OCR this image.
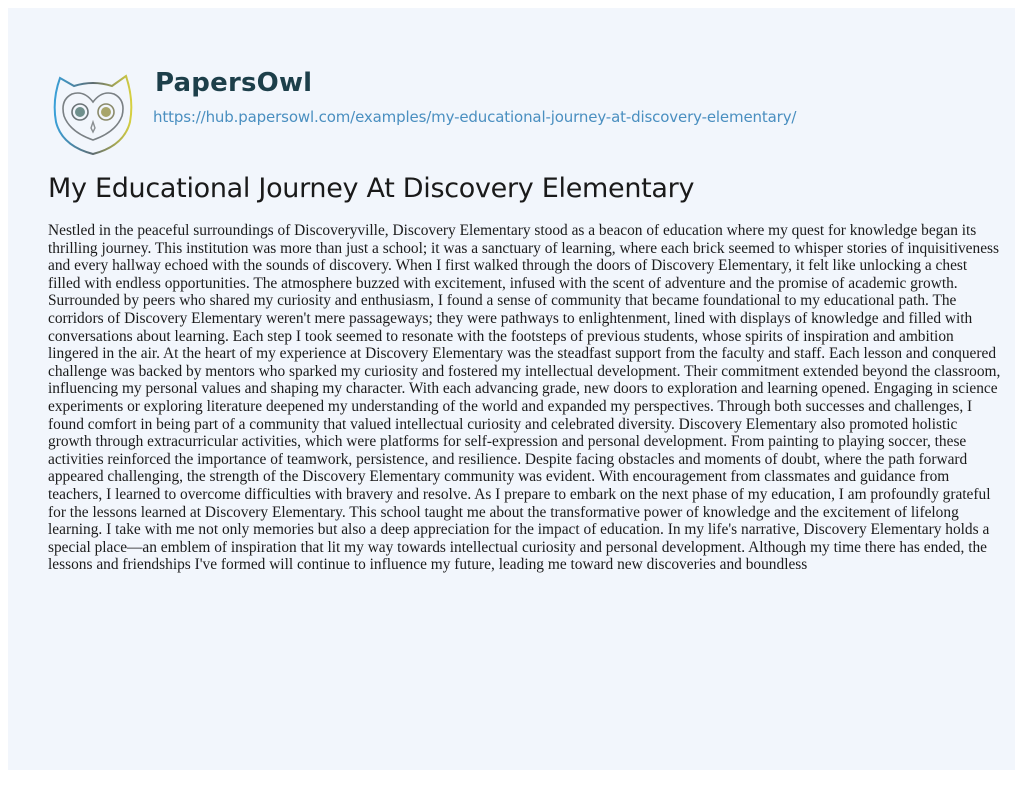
PapersOwl
https://hub.papersowl.com/examples/my-educational-journey-at-discovery-elementary/
My Educational Journey At Discovery Elementary

Nestled in the peaceful surroundings of Discoveryville, Discovery Elementary stood as a beacon of education where my quest for knowledge began its thrilling journey. This institution was more than just a school; it was a sanctuary of learning, where each brick seemed to whisper stories of inquisitiveness and every hallway echoed with the sounds of discovery. When I first walked through the doors of Discovery Elementary, it felt like unlocking a chest filled with endless opportunities. The atmosphere buzzed with excitement, infused with the scent of adventure and the promise of academic growth. Surrounded by peers who shared my curiosity and enthusiasm, I found a sense of community that became foundational to my educational path. The corridors of Discovery Elementary weren't mere passageways; they were pathways to enlightenment, lined with displays of knowledge and filled with conversations about learning. Each step I took seemed to resonate with the footsteps of previous students, whose spirits of inspiration and ambition lingered in the air. At the heart of my experience at Discovery Elementary was the steadfast support from the faculty and staff. Each lesson and conquered challenge was backed by mentors who sparked my curiosity and fostered my intellectual development. Their commitment extended beyond the classroom, influencing my personal values and shaping my character. With each advancing grade, new doors to exploration and learning opened. Engaging in science experiments or exploring literature deepened my understanding of the world and expanded my perspectives. Through both successes and challenges, I found comfort in being part of a community that valued intellectual curiosity and celebrated diversity. Discovery Elementary also promoted holistic growth through extracurricular activities, which were platforms for self-expression and personal development. From painting to playing soccer, these activities reinforced the importance of teamwork, persistence, and resilience. Despite facing obstacles and moments of doubt, where the path forward appeared challenging, the strength of the Discovery Elementary community was evident. With encouragement from classmates and guidance from teachers, I learned to overcome difficulties with bravery and resolve. As I prepare to embark on the next phase of my education, I am profoundly grateful for the lessons learned at Discovery Elementary. This school taught me about the transformative power of knowledge and the excitement of lifelong learning. I take with me not only memories but also a deep appreciation for the impact of education. In my life's narrative, Discovery Elementary holds a special place—an emblem of inspiration that lit my way towards intellectual curiosity and personal development. Although my time there has ended, the lessons and friendships I've formed will continue to influence my future, leading me toward new discoveries and boundless
